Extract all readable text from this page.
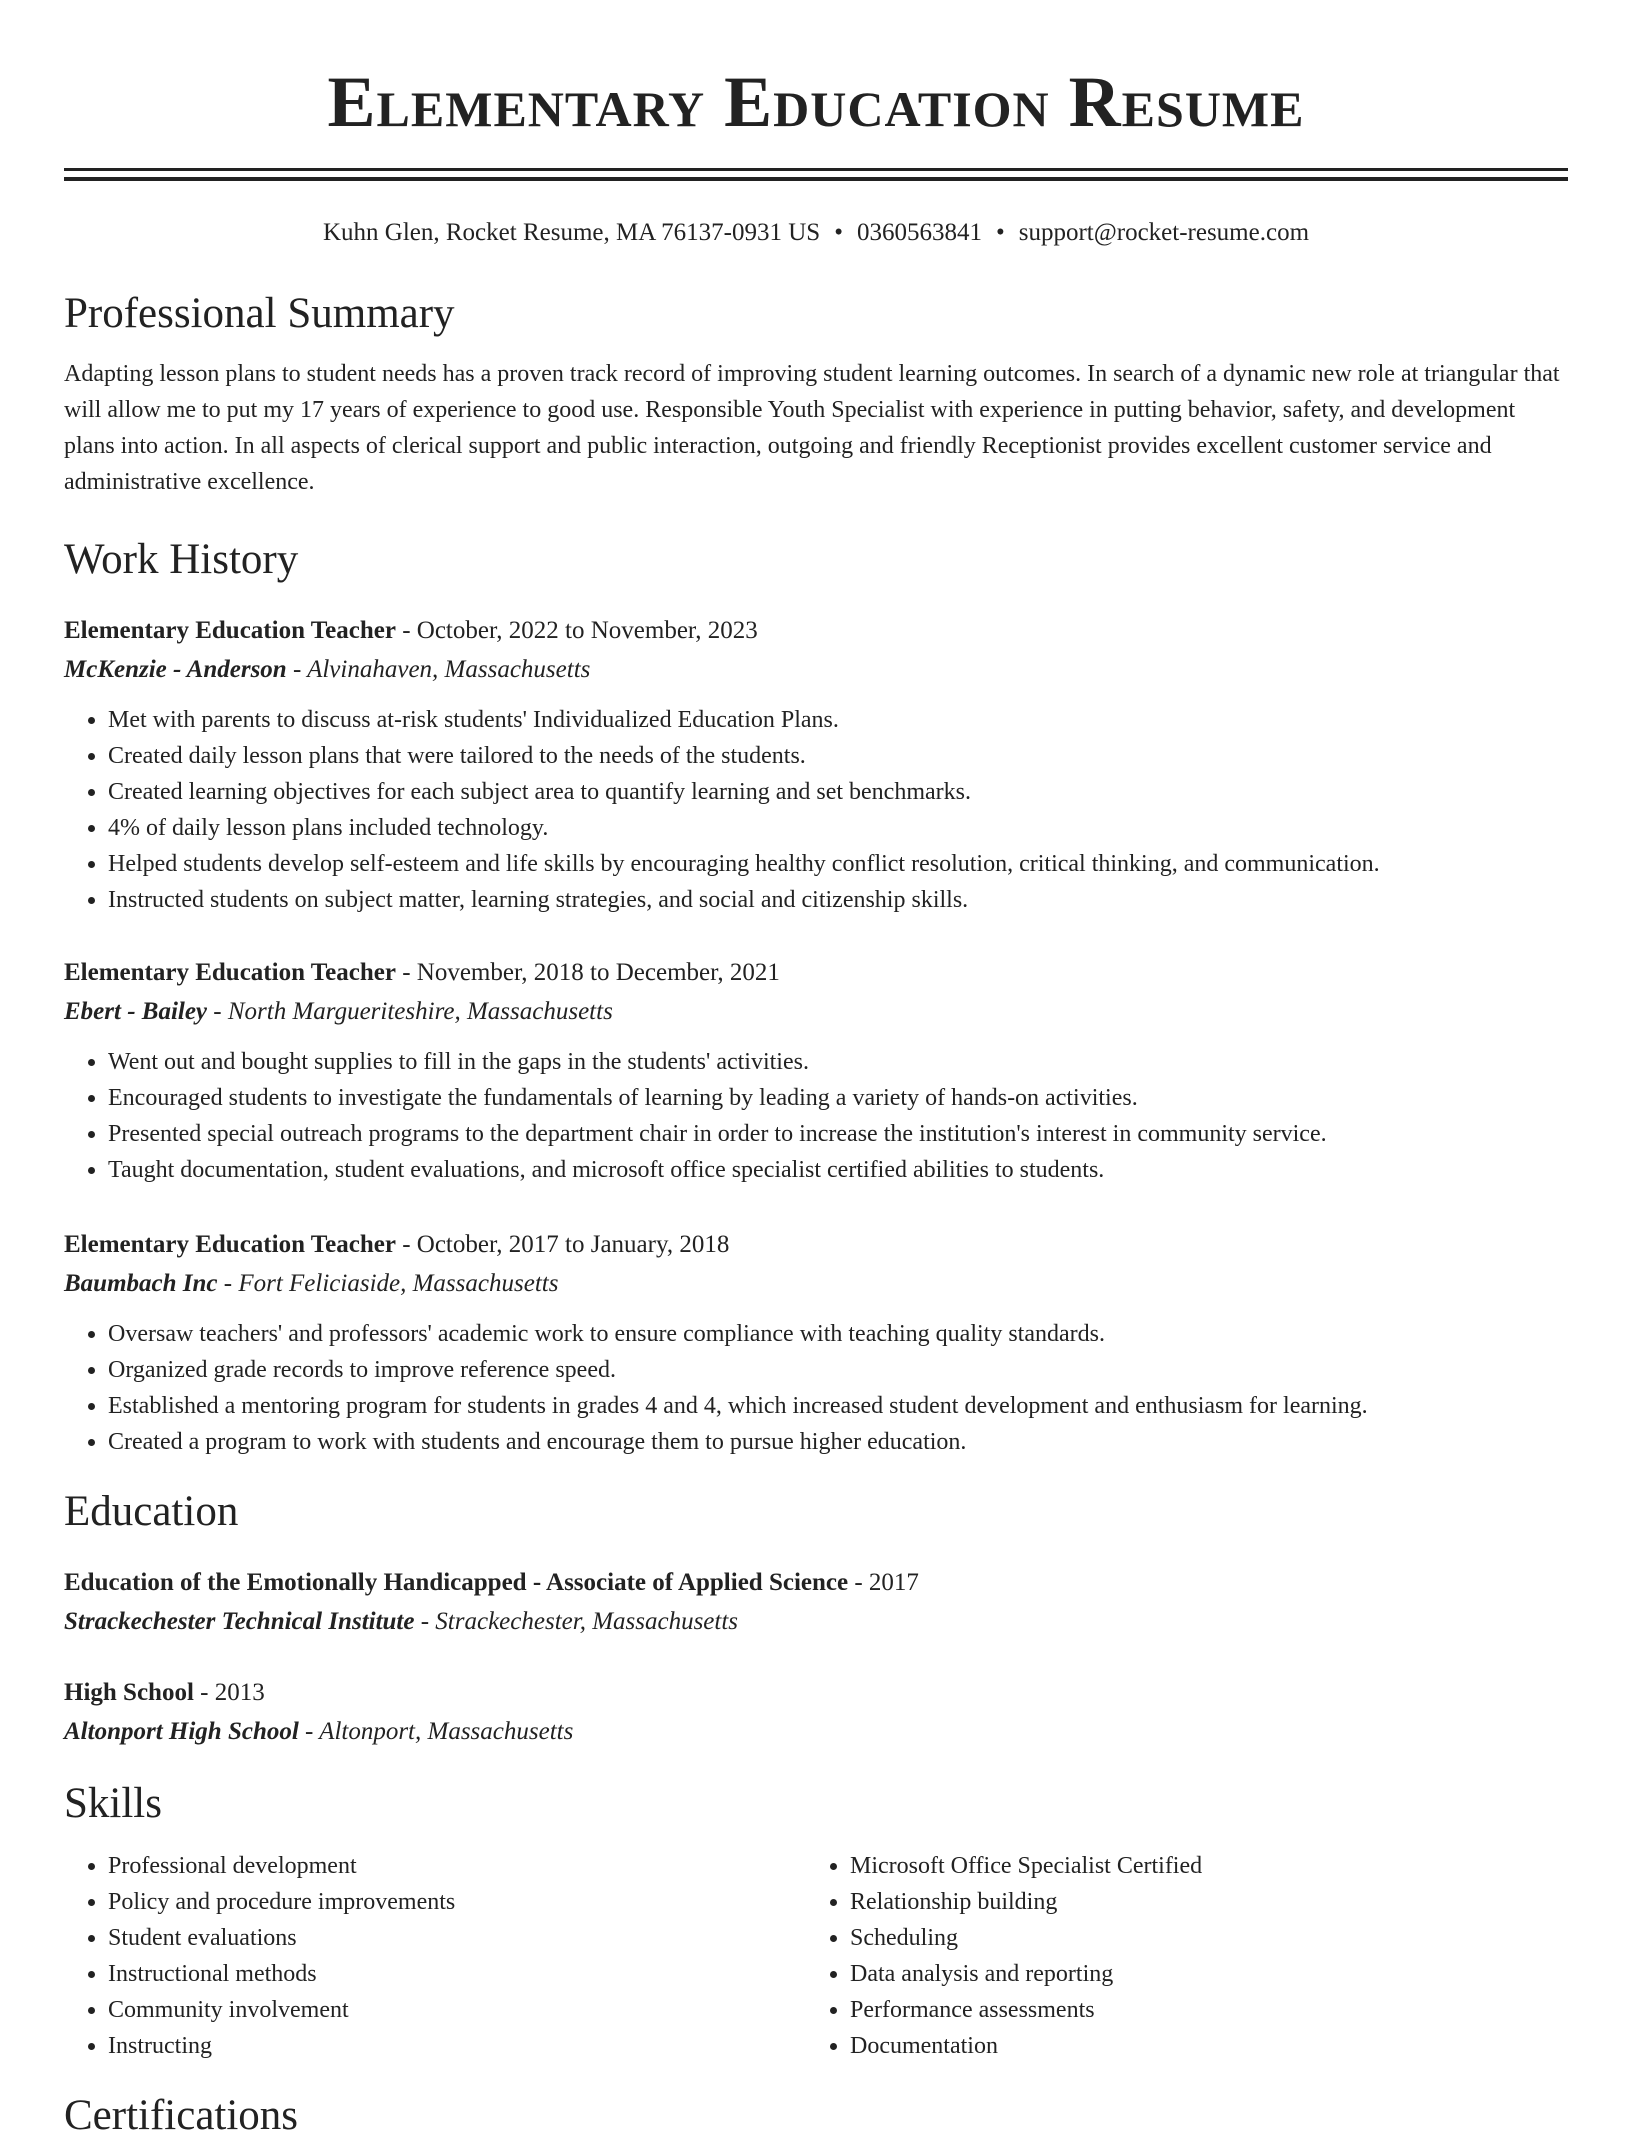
Elementary Education Resume
Kuhn Glen, Rocket Resume, MA 76137-0931 US • 0360563841 • support@rocket-resume.com
Professional Summary

Adapting lesson plans to student needs has a proven track record of improving student learning outcomes. In search of a dynamic new role at triangular that will allow me to put my 17 years of experience to good use. Responsible Youth Specialist with experience in putting behavior, safety, and development plans into action. In all aspects of clerical support and public interaction, outgoing and friendly Receptionist provides excellent customer service and administrative excellence.

Work History
Elementary Education Teacher - October, 2022 to November, 2023
McKenzie - Anderson - Alvinahaven, Massachusetts
• Met with parents to discuss at-risk students' Individualized Education Plans.
• Created daily lesson plans that were tailored to the needs of the students.
• Created learning objectives for each subject area to quantify learning and set benchmarks.
• 4% of daily lesson plans included technology.
• Helped students develop self-esteem and life skills by encouraging healthy conflict resolution, critical thinking, and communication.
• Instructed students on subject matter, learning strategies, and social and citizenship skills.
Elementary Education Teacher - November, 2018 to December, 2021
Ebert - Bailey - North Margueriteshire, Massachusetts
• Went out and bought supplies to fill in the gaps in the students' activities.
• Encouraged students to investigate the fundamentals of learning by leading a variety of hands-on activities.
• Presented special outreach programs to the department chair in order to increase the institution's interest in community service.
• Taught documentation, student evaluations, and microsoft office specialist certified abilities to students.
Elementary Education Teacher - October, 2017 to January, 2018
Baumbach Inc - Fort Feliciaside, Massachusetts
• Oversaw teachers' and professors' academic work to ensure compliance with teaching quality standards.
• Organized grade records to improve reference speed.
• Established a mentoring program for students in grades 4 and 4, which increased student development and enthusiasm for learning.
• Created a program to work with students and encourage them to pursue higher education.
Education
Education of the Emotionally Handicapped - Associate of Applied Science - 2017
Strackechester Technical Institute - Strackechester, Massachusetts
High School - 2013
Altonport High School - Altonport, Massachusetts
Skills
• Professional development
• Policy and procedure improvements
• Student evaluations
• Instructional methods
• Community involvement
• Instructing
• Microsoft Office Specialist Certified
• Relationship building
• Scheduling
• Data analysis and reporting
• Performance assessments
• Documentation
Certifications
